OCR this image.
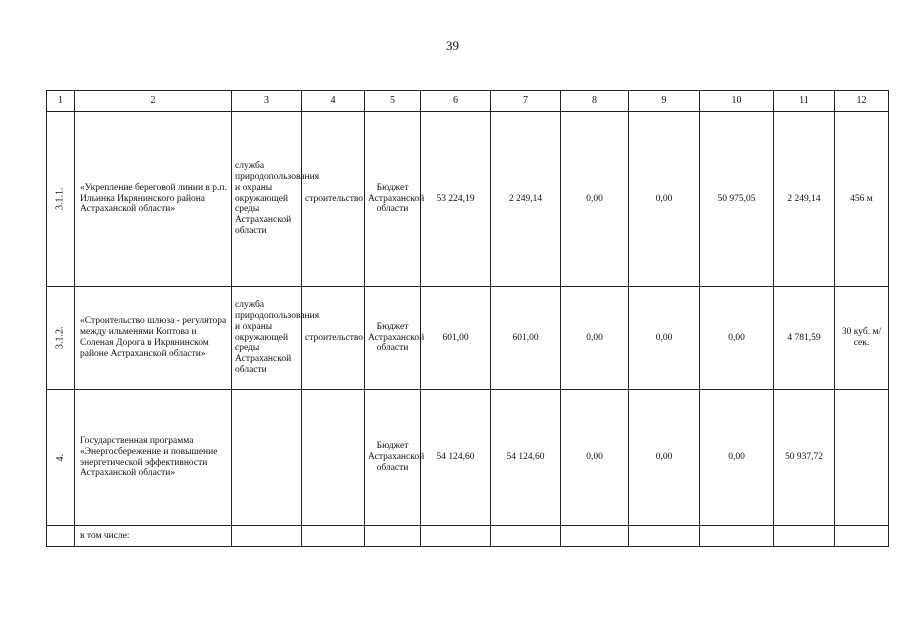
39
1	2	3	4	5	6	7	8	9	10	11	12

3.1.1.	«Укрепление береговой линии в р.п. Ильинка Икрянинского района Астраханской области»	служба природопользования и охраны окружающей среды Астраханской области	строительство	Бюджет Астраханской области	53 224,19	2 249,14	0,00	0,00	50 975,05	2 249,14	456 м

3.1.2.	«Строительство шлюза - регулятора между ильменями Коптова и Соленая Дорога в Икрянинском районе Астраханской области»	служба природопользования и охраны окружающей среды Астраханской области	строительство	Бюджет Астраханской области	601,00	601,00	0,00	0,00	0,00	4 781,59	30 куб. м/сек.

4.	Государственная программа «Энергосбережение и повышение энергетической эффективности Астраханской области»			Бюджет Астраханской области	54 124,60	54 124,60	0,00	0,00	0,00	50 937,72	
	в том числе:										
